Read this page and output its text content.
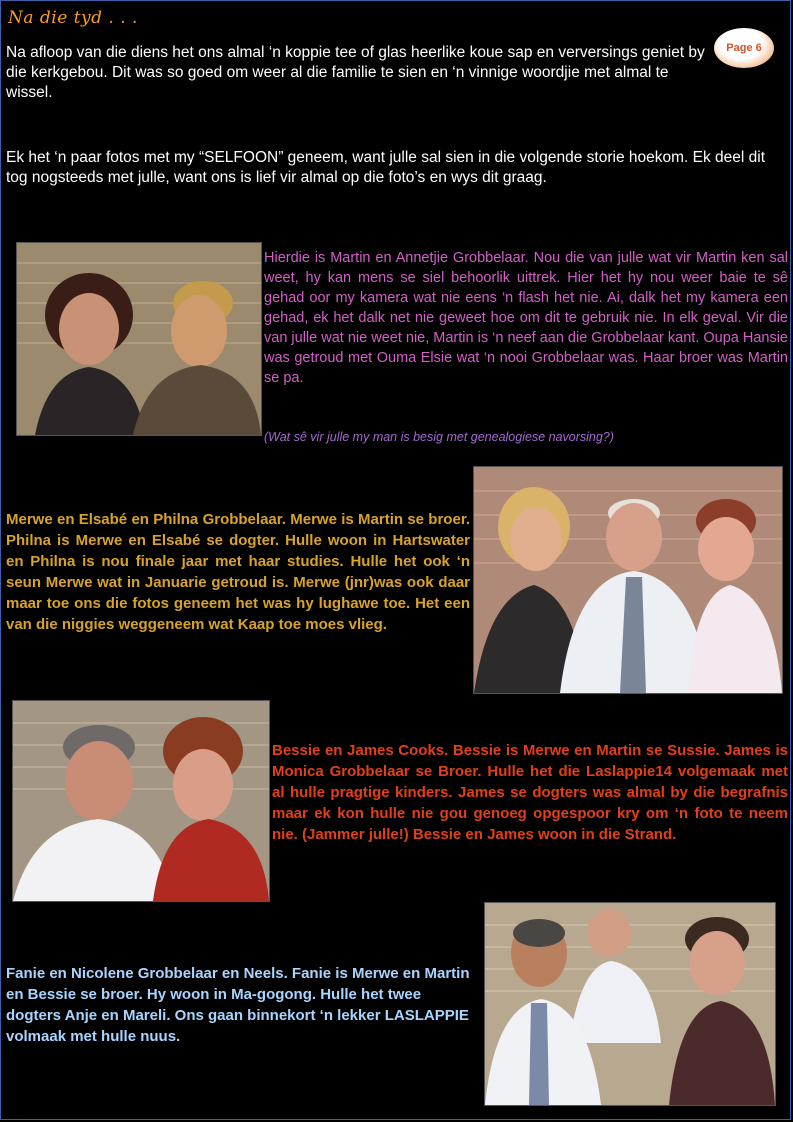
Na die tyd . . .
Page 6
Na afloop van die diens het ons almal ‘n koppie tee of glas heerlike koue sap en verversings geniet by die kerkgebou. Dit was so goed om weer al die familie te sien en ‘n vinnige woordjie met almal te wissel.
Ek het ‘n paar fotos met my “SELFOON” geneem, want julle sal sien in die volgende storie hoekom. Ek deel dit tog nogsteeds met julle, want ons is lief vir almal op die foto’s en wys dit graag.
Hierdie is Martin en Annetjie Grobbelaar. Nou die van julle wat vir Martin ken sal weet, hy kan mens se siel behoorlik uittrek. Hier het hy nou weer baie te sê gehad oor my kamera wat nie eens ‘n flash het nie. Ai, dalk het my kamera een gehad, ek het dalk net nie geweet hoe om dit te gebruik nie. In elk geval. Vir die van julle wat nie weet nie, Martin is ‘n neef aan die Grobbelaar kant. Oupa Hansie was getroud met Ouma Elsie wat ‘n nooi Grobbelaar was. Haar broer was Martin se pa.
(Wat sê vir julle my man is besig met genealogiese navorsing?)
Merwe en Elsabé en Philna Grobbelaar. Merwe is Martin se broer. Philna is Merwe en Elsabé se dogter. Hulle woon in Hartswater en Philna is nou finale jaar met haar studies. Hulle het ook ‘n seun Merwe wat in Januarie getroud is. Merwe (jnr)was ook daar maar toe ons die fotos geneem het was hy lughawe toe. Het een van die niggies weggeneem wat Kaap toe moes vlieg.
Bessie en James Cooks. Bessie is Merwe en Martin se Sussie. James is Monica Grobbelaar se Broer. Hulle het die Laslappie14 volgemaak met al hulle pragtige kinders. James se dogters was almal by die begrafnis maar ek kon hulle nie gou genoeg opgespoor kry om ‘n foto te neem nie. (Jammer julle!) Bessie en James woon in die Strand.
Fanie en Nicolene Grobbelaar en Neels. Fanie is Merwe en Martin en Bessie se broer. Hy woon in Ma-gogong. Hulle het twee dogters Anje en Mareli. Ons gaan binnekort ‘n lekker LASLAPPIE volmaak met hulle nuus.
